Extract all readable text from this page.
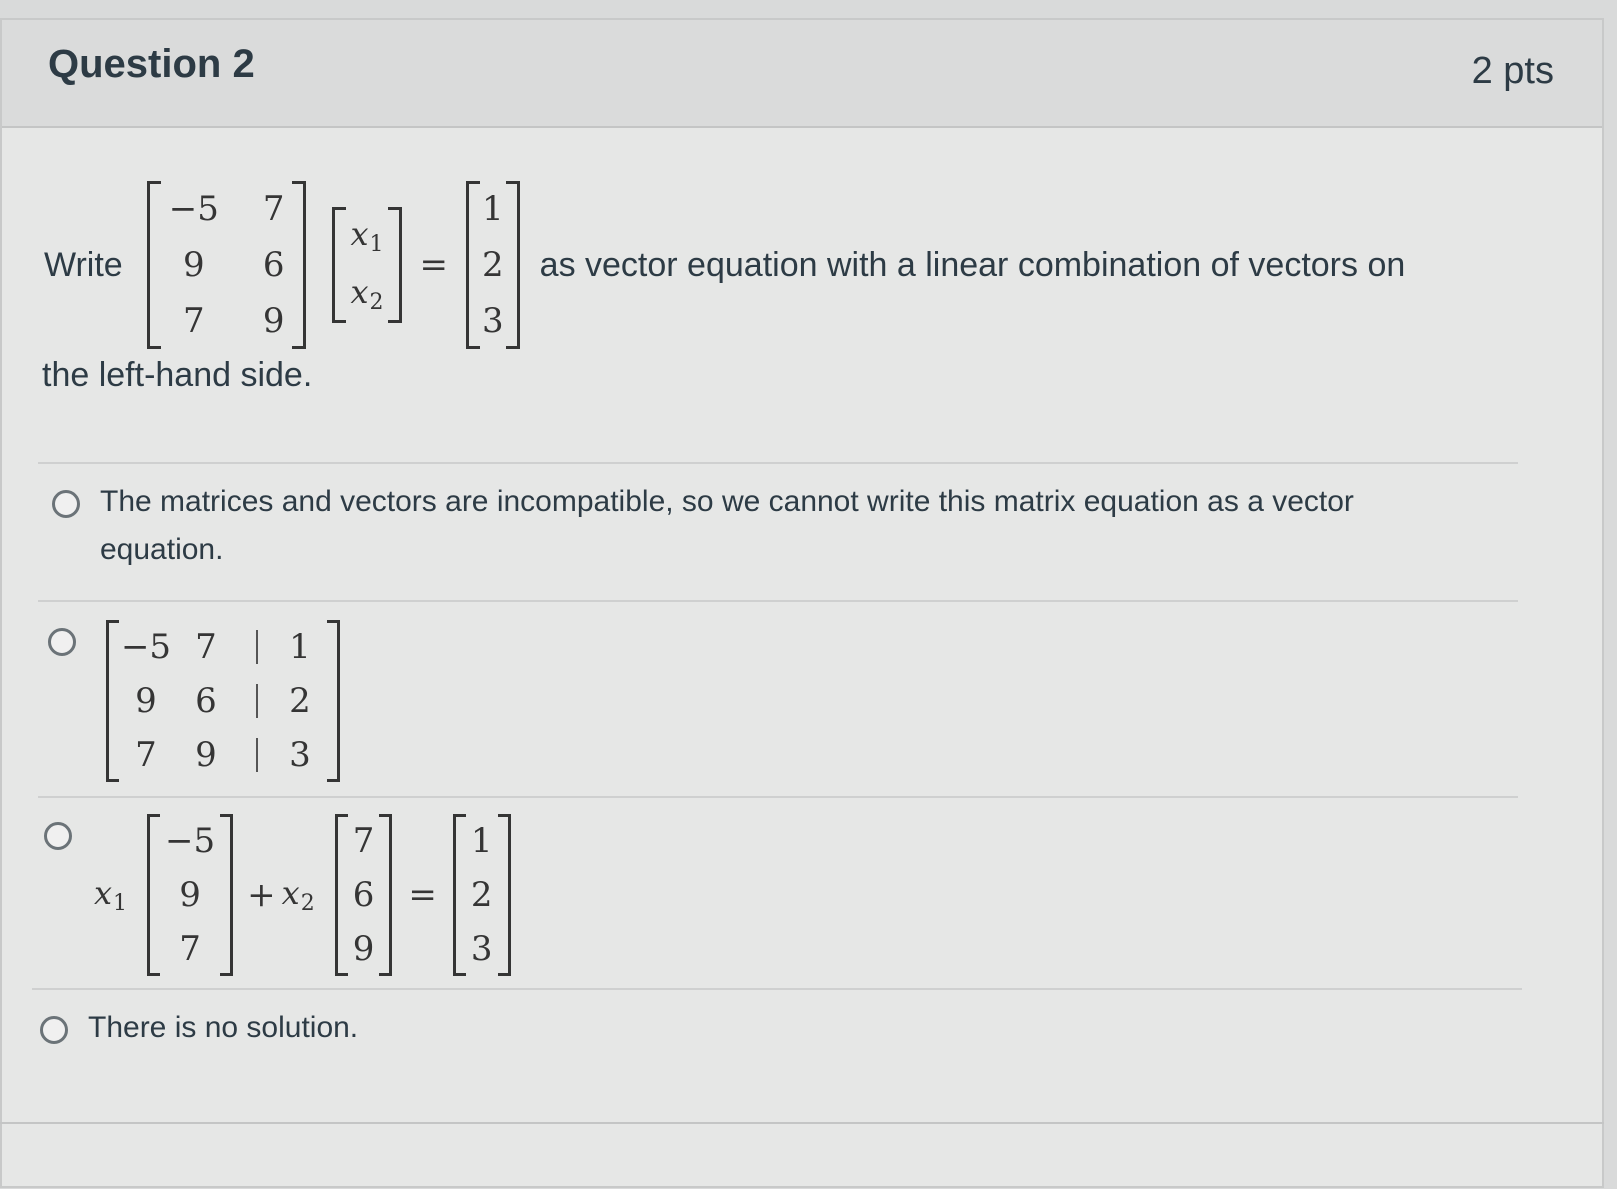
Question 2	2 pts
Write
−5 7
9 6
7 9
x1
x2
=
1
2
3
as vector equation with a linear combination of vectors on
the left-hand side.
The matrices and vectors are incompatible, so we cannot write this matrix equation as a vector
equation.
−5 7 1
9 6 2
7 9 3
x1
−5
9
7
+ x2
7
6
9
=
1
2
3
There is no solution.
